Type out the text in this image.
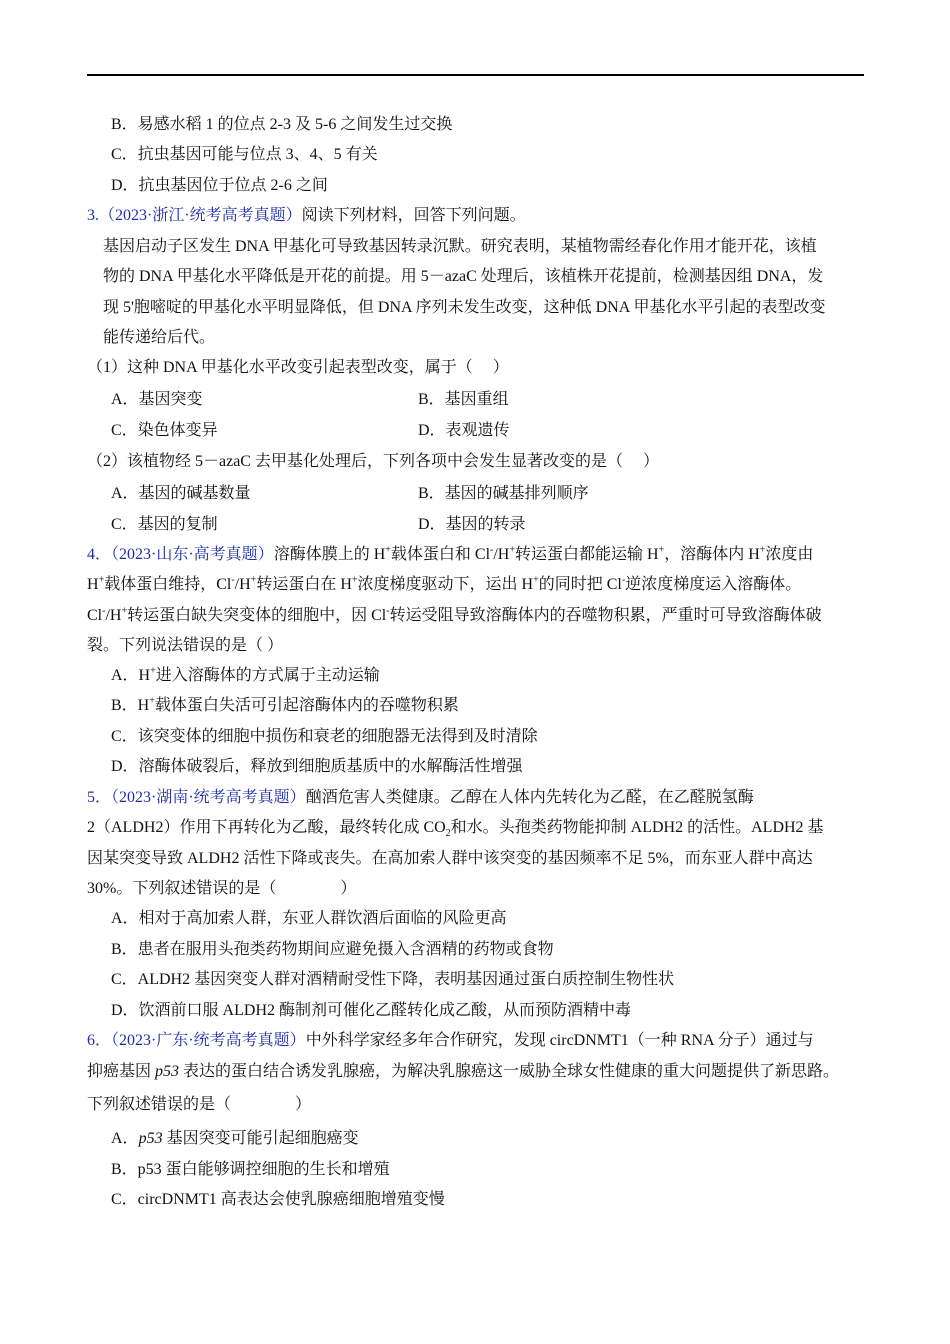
B．易感水稻 1 的位点 2-3 及 5-6 之间发生过交换
C．抗虫基因可能与位点 3、4、5 有关
D．抗虫基因位于位点 2-6 之间
3.（2023·浙江·统考高考真题）阅读下列材料，回答下列问题。
基因启动子区发生 DNA 甲基化可导致基因转录沉默。研究表明，某植物需经春化作用才能开花，该植
物的 DNA 甲基化水平降低是开花的前提。用 5－azaC 处理后，该植株开花提前，检测基因组 DNA，发
现 5'胞嘧啶的甲基化水平明显降低，但 DNA 序列未发生改变，这种低 DNA 甲基化水平引起的表型改变
能传递给后代。
（1）这种 DNA 甲基化水平改变引起表型改变，属于（　 ）
A．基因突变	B．基因重组
C．染色体变异	D．表观遗传
（2）该植物经 5－azaC 去甲基化处理后，下列各项中会发生显著改变的是（　 ）
A．基因的碱基数量	B．基因的碱基排列顺序
C．基因的复制	D．基因的转录
4．（2023·山东·高考真题）溶酶体膜上的 H+载体蛋白和 Cl-/H+转运蛋白都能运输 H+，溶酶体内 H+浓度由
H+载体蛋白维持，Cl-/H+转运蛋白在 H+浓度梯度驱动下，运出 H+的同时把 Cl-逆浓度梯度运入溶酶体。
Cl-/H+转运蛋白缺失突变体的细胞中，因 Cl-转运受阻导致溶酶体内的吞噬物积累，严重时可导致溶酶体破
裂。下列说法错误的是（ ）
A．H+进入溶酶体的方式属于主动运输
B．H+载体蛋白失活可引起溶酶体内的吞噬物积累
C．该突变体的细胞中损伤和衰老的细胞器无法得到及时清除
D．溶酶体破裂后，释放到细胞质基质中的水解酶活性增强
5．（2023·湖南·统考高考真题）酗酒危害人类健康。乙醇在人体内先转化为乙醛，在乙醛脱氢酶
2（ALDH2）作用下再转化为乙酸，最终转化成 $CO_2$和水。头孢类药物能抑制 ALDH2 的活性。ALDH2 基
因某突变导致 ALDH2 活性下降或丧失。在高加索人群中该突变的基因频率不足 5%，而东亚人群中高达
30%。下列叙述错误的是（　　　　）
A．相对于高加索人群，东亚人群饮酒后面临的风险更高
B．患者在服用头孢类药物期间应避免摄入含酒精的药物或食物
C．ALDH2 基因突变人群对酒精耐受性下降，表明基因通过蛋白质控制生物性状
D．饮酒前口服 ALDH2 酶制剂可催化乙醛转化成乙酸，从而预防酒精中毒
6．（2023·广东·统考高考真题）中外科学家经多年合作研究，发现 circDNMT1（一种 RNA 分子）通过与
抑癌基因 p53 表达的蛋白结合诱发乳腺癌，为解决乳腺癌这一威胁全球女性健康的重大问题提供了新思路。
下列叙述错误的是（　　　　）
A．p53 基因突变可能引起细胞癌变
B．p53 蛋白能够调控细胞的生长和增殖
C．circDNMT1 高表达会使乳腺癌细胞增殖变慢
